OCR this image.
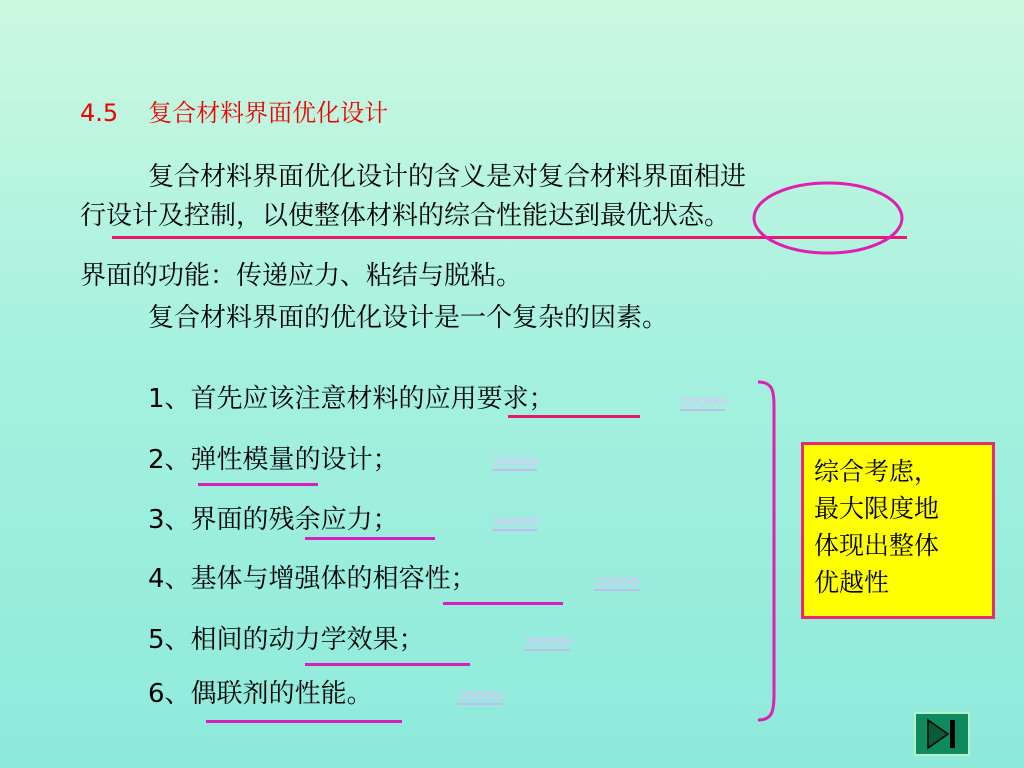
4.5 复合材料界面优化设计
复合材料界面优化设计的含义是对复合材料界面相进
行设计及控制，以使整体材料的综合性能达到最优状态。
界面的功能：传递应力、粘结与脱粘。
复合材料界面的优化设计是一个复杂的因素。
1、首先应该注意材料的应用要求；	>>>>>
2、弹性模量的设计；	>>>>>
3、界面的残余应力；	>>>>>
4、基体与增强体的相容性；	>>>>>
5、相间的动力学效果；	>>>>>
6、偶联剂的性能。	>>>>>
综合考虑，
最大限度地
体现出整体
优越性
